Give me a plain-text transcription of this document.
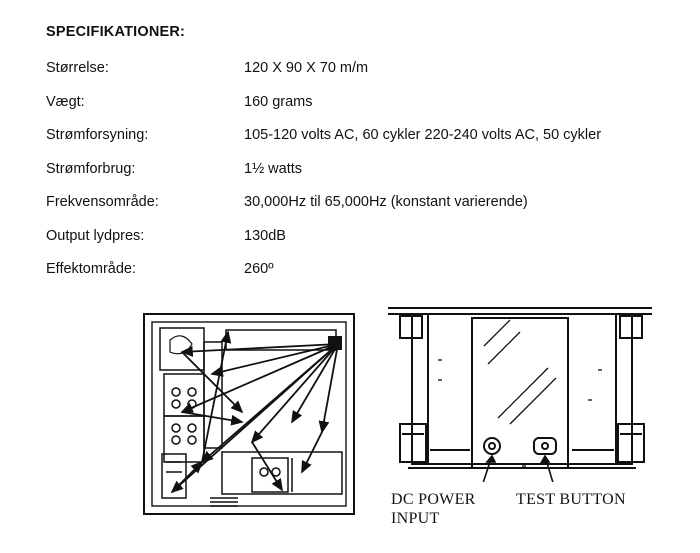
SPECIFIKATIONER:
Størrelse:	120 X 90 X 70 m/m
Vægt:	160 grams
Strømforsyning:	105-120 volts AC, 60 cykler 220-240 volts AC, 50 cykler
Strømforbrug:	1½ watts
Frekvensområde:	30,000Hz til 65,000Hz (konstant varierende)
Output lydpres:	130dB
Effektområde:	260º
DC POWER
INPUT
TEST BUTTON
